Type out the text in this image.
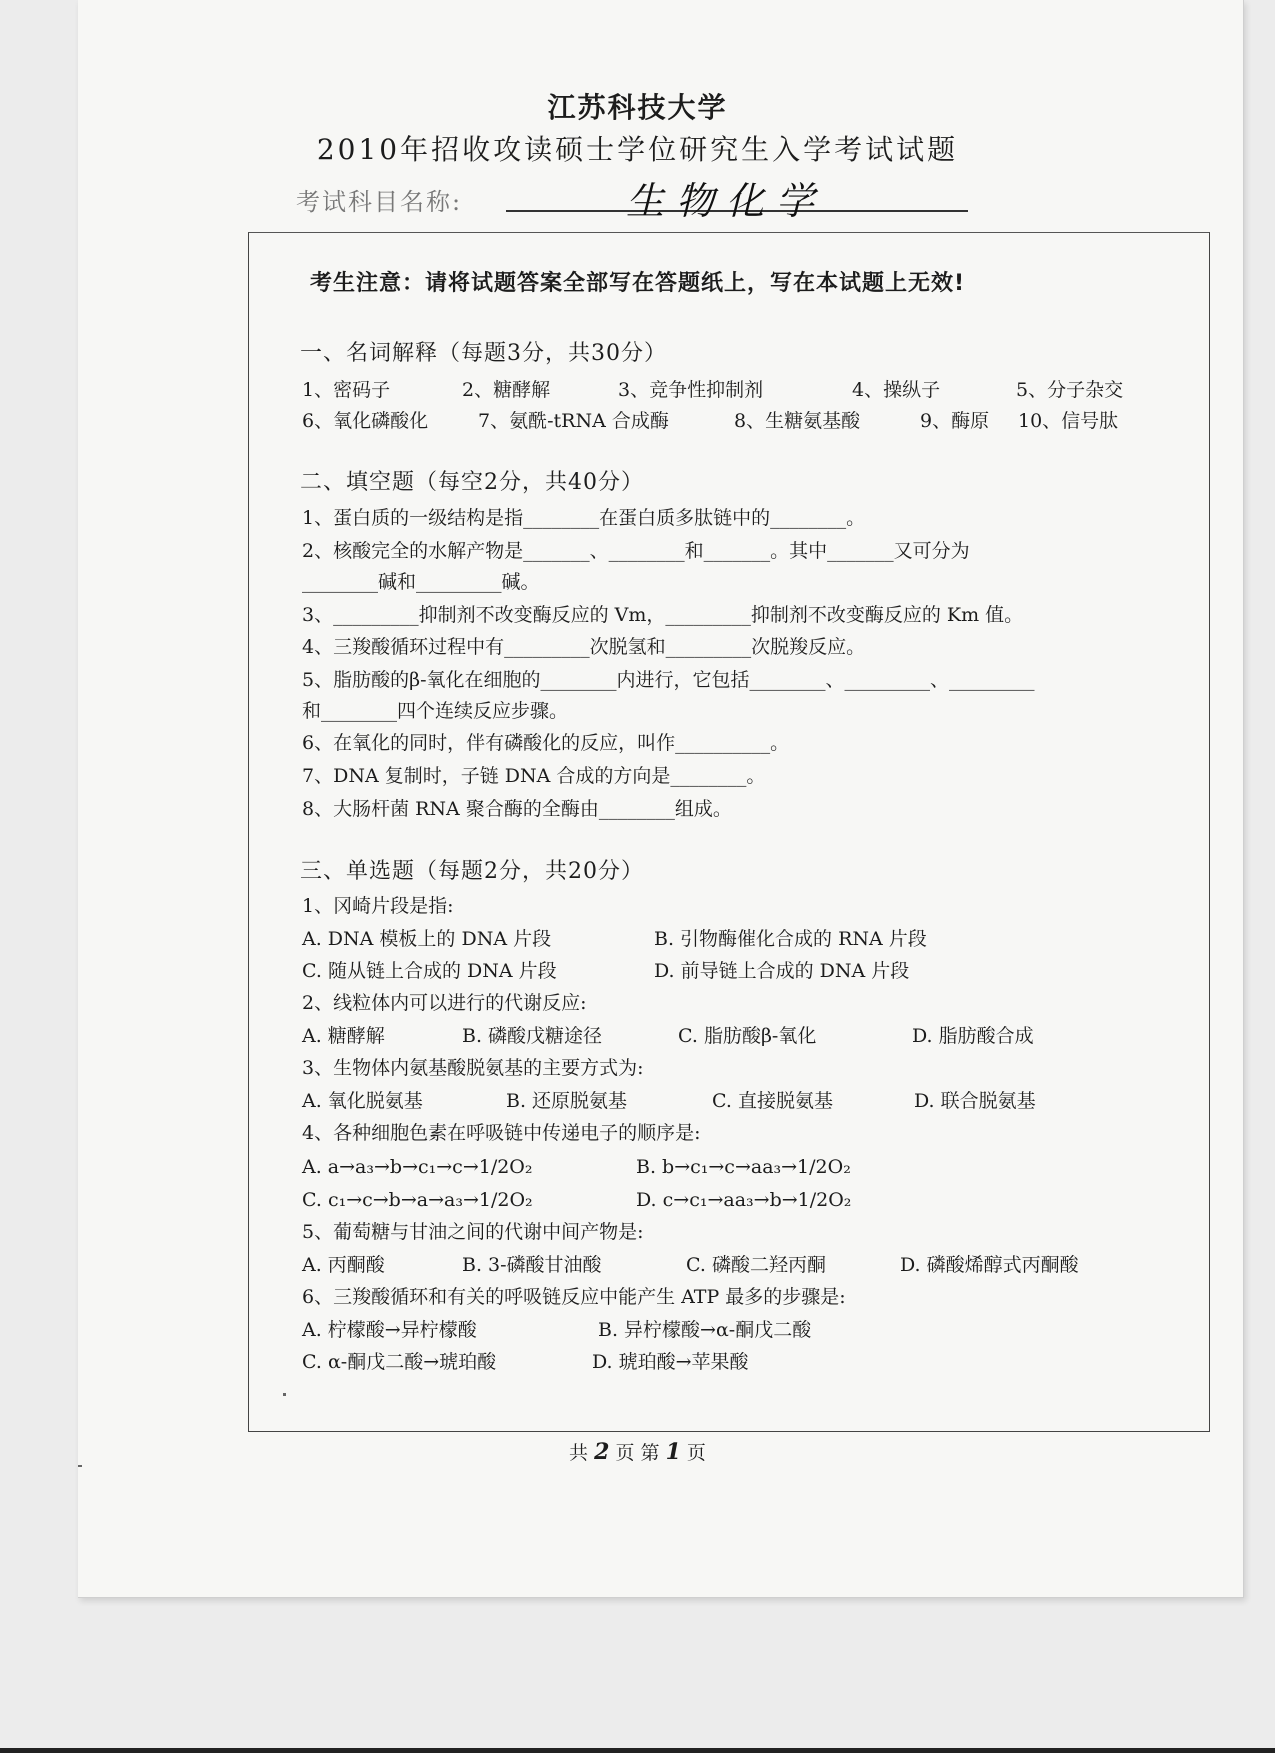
江苏科技大学
2010年招收攻读硕士学位研究生入学考试试题
考试科目名称:	生物化学
考生注意：请将试题答案全部写在答题纸上，写在本试题上无效!
一、名词解释（每题3分，共30分）
1、密码子	2、糖酵解	3、竞争性抑制剂	4、操纵子	5、分子杂交
6、氧化磷酸化	7、氨酰-tRNA 合成酶	8、生糖氨基酸	9、酶原 10、信号肽
二、填空题（每空2分，共40分）
1、蛋白质的一级结构是指________在蛋白质多肽链中的________。
2、核酸完全的水解产物是_______、________和_______。其中_______又可分为
________碱和_________碱。
3、_________抑制剂不改变酶反应的 Vm，_________抑制剂不改变酶反应的 Km 值。
4、三羧酸循环过程中有_________次脱氢和_________次脱羧反应。
5、脂肪酸的β-氧化在细胞的________内进行，它包括________、_________、_________
和________四个连续反应步骤。
6、在氧化的同时，伴有磷酸化的反应，叫作__________。
7、DNA 复制时，子链 DNA 合成的方向是________。
8、大肠杆菌 RNA 聚合酶的全酶由________组成。
三、单选题（每题2分，共20分）
1、冈崎片段是指:
A. DNA 模板上的 DNA 片段	B. 引物酶催化合成的 RNA 片段
C. 随从链上合成的 DNA 片段	D. 前导链上合成的 DNA 片段
2、线粒体内可以进行的代谢反应:
A. 糖酵解	B. 磷酸戊糖途径	C. 脂肪酸β-氧化	D. 脂肪酸合成
3、生物体内氨基酸脱氨基的主要方式为:
A. 氧化脱氨基	B. 还原脱氨基	C. 直接脱氨基	D. 联合脱氨基
4、各种细胞色素在呼吸链中传递电子的顺序是:
A. a→a₃→b→c₁→c→1/2O₂	B. b→c₁→c→aa₃→1/2O₂
C. c₁→c→b→a→a₃→1/2O₂	D. c→c₁→aa₃→b→1/2O₂
5、葡萄糖与甘油之间的代谢中间产物是:
A. 丙酮酸	B. 3-磷酸甘油酸	C. 磷酸二羟丙酮	D. 磷酸烯醇式丙酮酸
6、三羧酸循环和有关的呼吸链反应中能产生 ATP 最多的步骤是:
A. 柠檬酸→异柠檬酸	B. 异柠檬酸→α-酮戊二酸
C. α-酮戊二酸→琥珀酸	D. 琥珀酸→苹果酸
共 2 页 第 1 页
